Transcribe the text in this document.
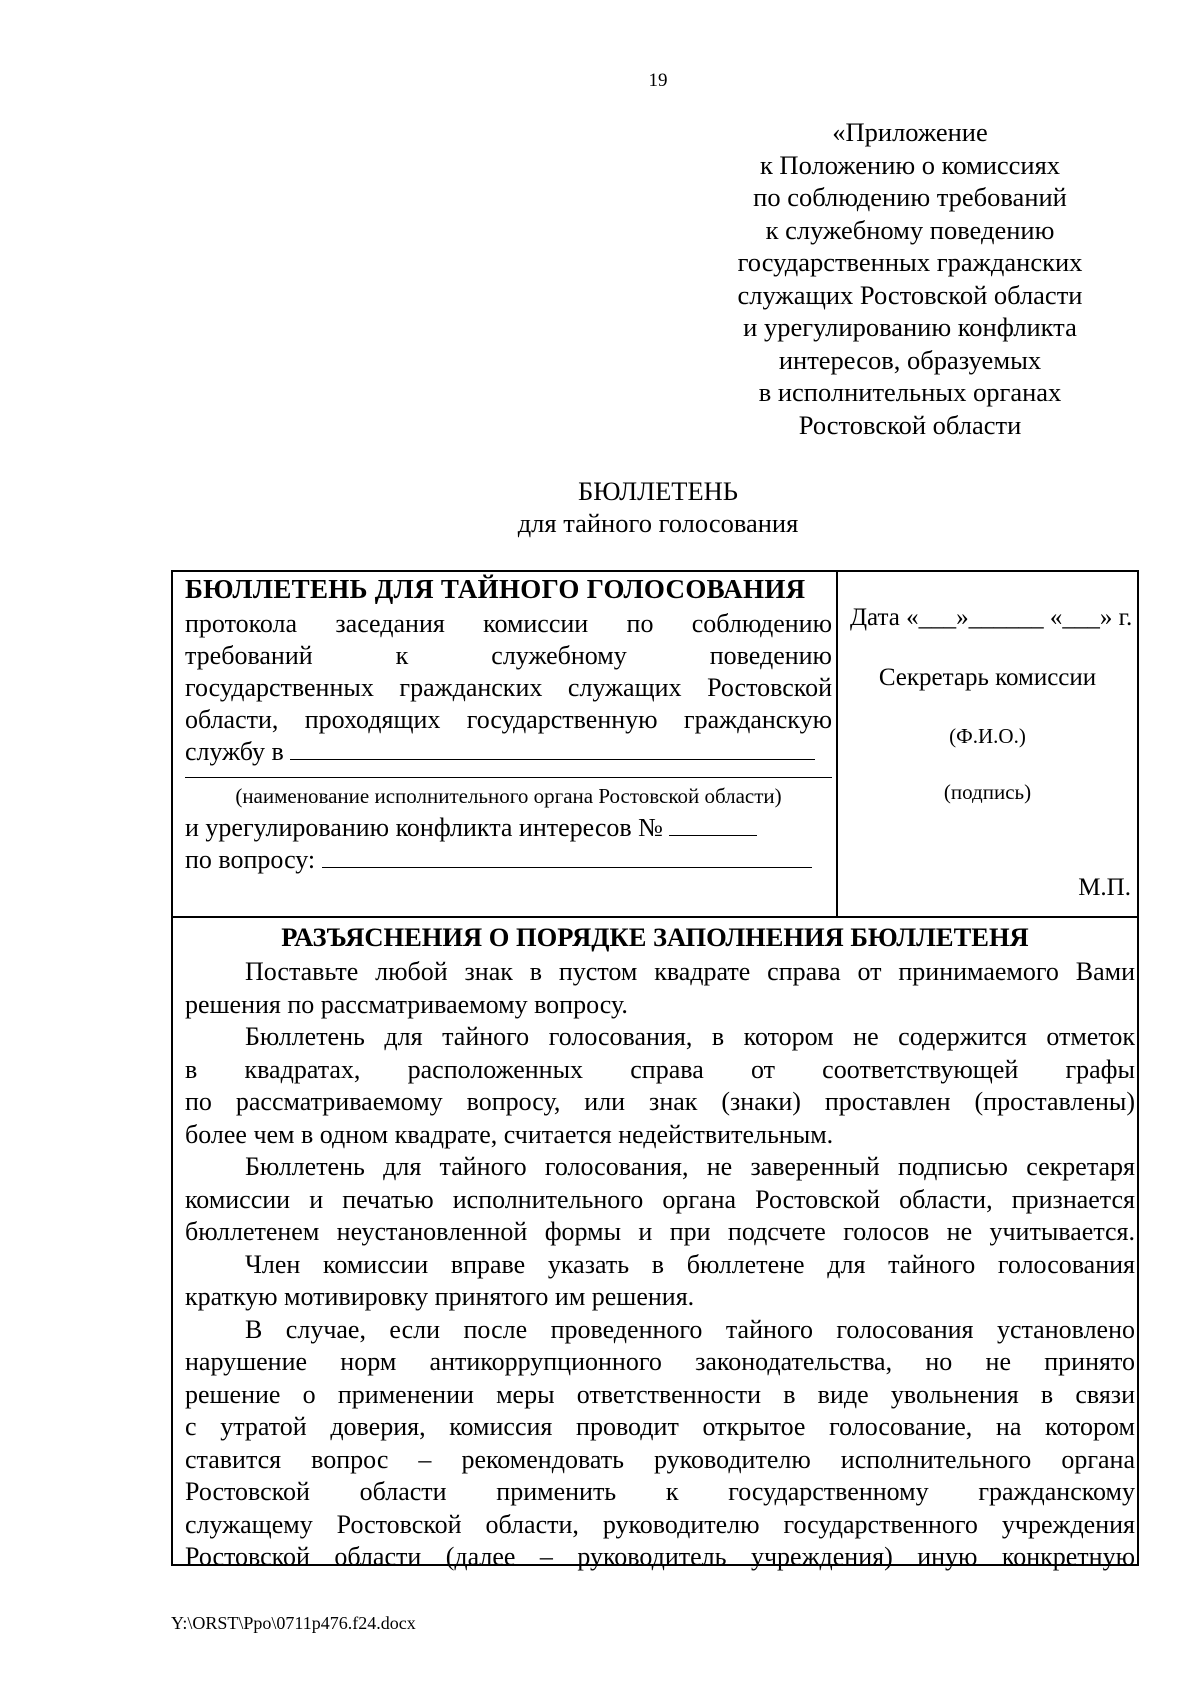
19
«Приложение
к Положению о комиссиях
по соблюдению требований
к служебному поведению
государственных гражданских
служащих Ростовской области
и урегулированию конфликта
интересов, образуемых
в исполнительных органах
Ростовской области
БЮЛЛЕТЕНЬ
для тайного голосования
БЮЛЛЕТЕНЬ ДЛЯ ТАЙНОГО ГОЛОСОВАНИЯ
протокола заседания комиссии по соблюдению
требований к служебному поведению
государственных гражданских служащих Ростовской
области, проходящих государственную гражданскую
службу в
(наименование исполнительного органа Ростовской области)
и урегулированию конфликта интересов №
по вопросу:
Дата «___»______ «___» г.
Секретарь комиссии
(Ф.И.О.)
(подпись)
М.П.
РАЗЪЯСНЕНИЯ О ПОРЯДКЕ ЗАПОЛНЕНИЯ БЮЛЛЕТЕНЯ
Поставьте любой знак в пустом квадрате справа от принимаемого Вами
решения по рассматриваемому вопросу.
Бюллетень для тайного голосования, в котором не содержится отметок
в квадратах, расположенных справа от соответствующей графы
по рассматриваемому вопросу, или знак (знаки) проставлен (проставлены)
более чем в одном квадрате, считается недействительным.
Бюллетень для тайного голосования, не заверенный подписью секретаря
комиссии и печатью исполнительного органа Ростовской области, признается
бюллетенем неустановленной формы и при подсчете голосов не учитывается.
Член комиссии вправе указать в бюллетене для тайного голосования
краткую мотивировку принятого им решения.
В случае, если после проведенного тайного голосования установлено
нарушение норм антикоррупционного законодательства, но не принято
решение о применении меры ответственности в виде увольнения в связи
с утратой доверия, комиссия проводит открытое голосование, на котором
ставится вопрос – рекомендовать руководителю исполнительного органа
Ростовской области применить к государственному гражданскому
служащему Ростовской области, руководителю государственного учреждения
Ростовской области (далее – руководитель учреждения) иную конкретную
Y:\ORST\Ppo\0711p476.f24.docx
